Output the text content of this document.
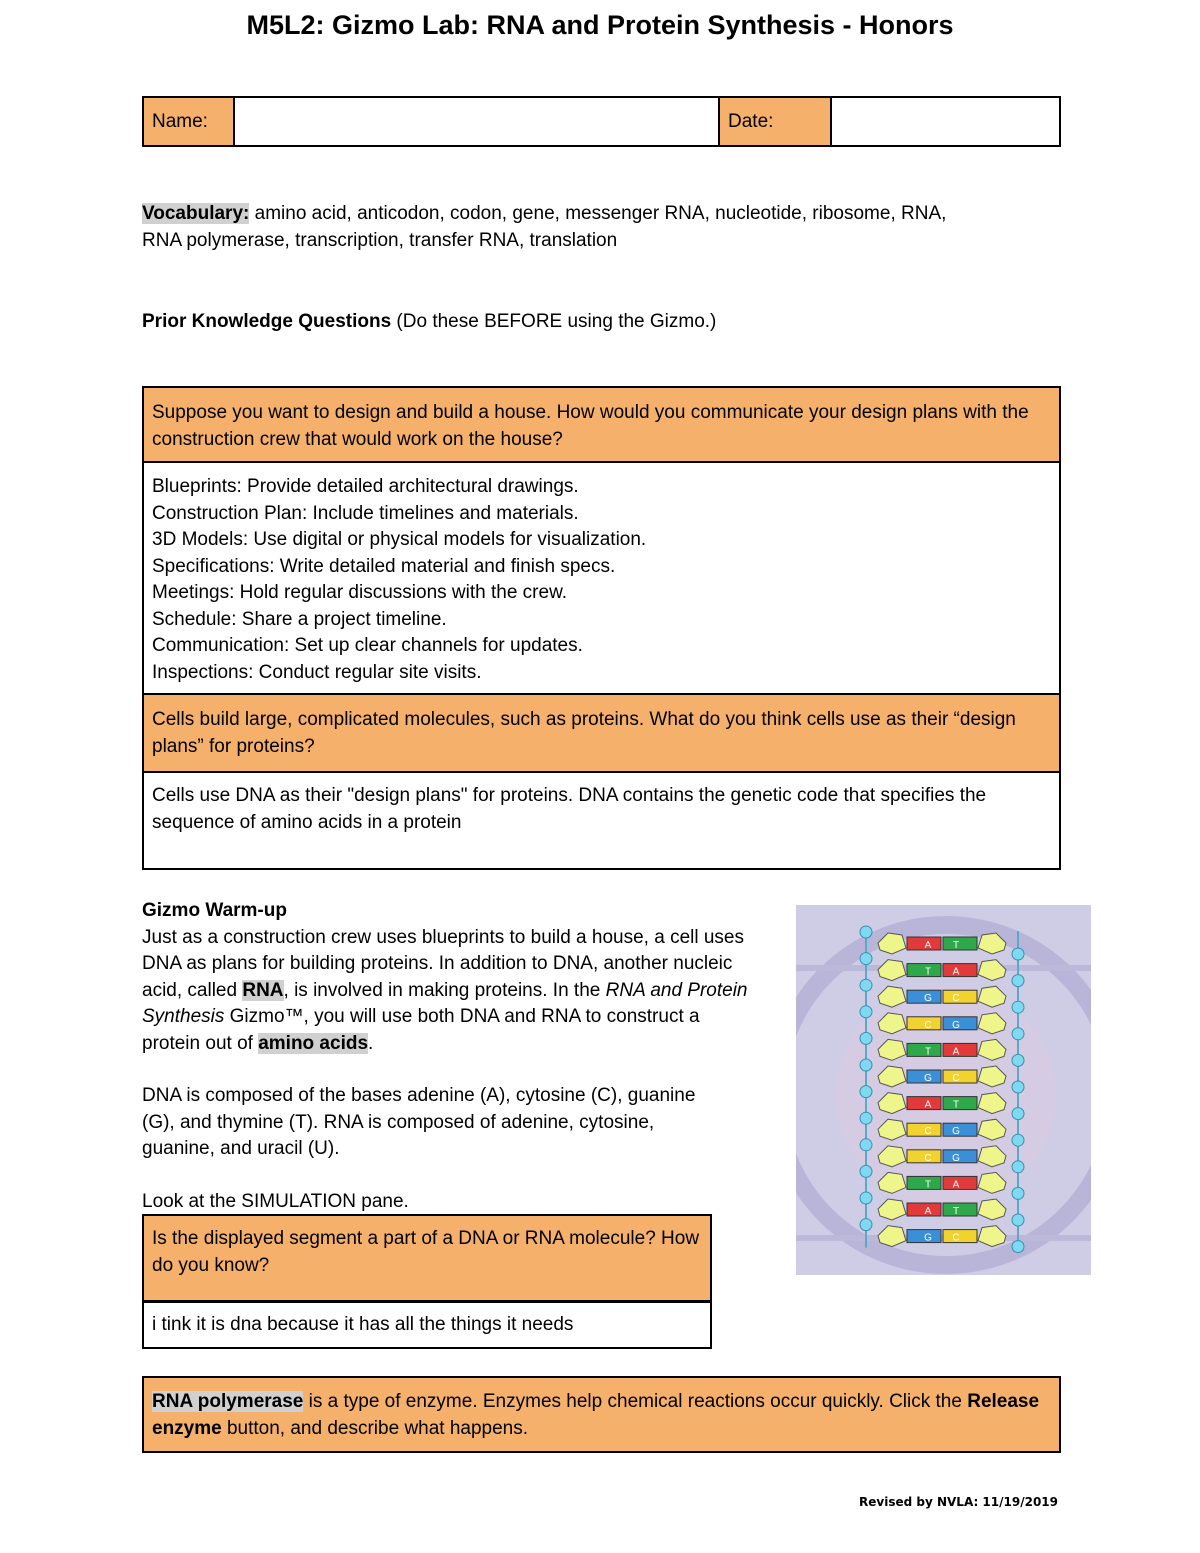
M5L2: Gizmo Lab: RNA and Protein Synthesis - Honors
Name:		Date:	
Vocabulary: amino acid, anticodon, codon, gene, messenger RNA, nucleotide, ribosome, RNA,
RNA polymerase, transcription, transfer RNA, translation
Prior Knowledge Questions (Do these BEFORE using the Gizmo.)
Suppose you want to design and build a house. How would you communicate your design plans with the construction crew that would work on the house?
Blueprints: Provide detailed architectural drawings.
Construction Plan: Include timelines and materials.
3D Models: Use digital or physical models for visualization.
Specifications: Write detailed material and finish specs.
Meetings: Hold regular discussions with the crew.
Schedule: Share a project timeline.
Communication: Set up clear channels for updates.
Inspections: Conduct regular site visits.
Cells build large, complicated molecules, such as proteins. What do you think cells use as their “design plans” for proteins?
Cells use DNA as their "design plans" for proteins. DNA contains the genetic code that specifies the sequence of amino acids in a protein
Gizmo Warm-up
Just as a construction crew uses blueprints to build a house, a cell uses DNA as plans for building proteins. In addition to DNA, another nucleic acid, called RNA, is involved in making proteins. In the RNA and Protein Synthesis Gizmo™, you will use both DNA and RNA to construct a protein out of amino acids.
DNA is composed of the bases adenine (A), cytosine (C), guanine (G), and thymine (T). RNA is composed of adenine, cytosine, guanine, and uracil (U).
Look at the SIMULATION pane.
Is the displayed segment a part of a DNA or RNA molecule? How do you know?
i tink it is dna because it has all the things it needs
A T
T A
G C
C G
T A
G C
A T
C G
C G
T A
A T
G C
RNA polymerase is a type of enzyme. Enzymes help chemical reactions occur quickly. Click the Release enzyme button, and describe what happens.
Revised by NVLA: 11/19/2019
